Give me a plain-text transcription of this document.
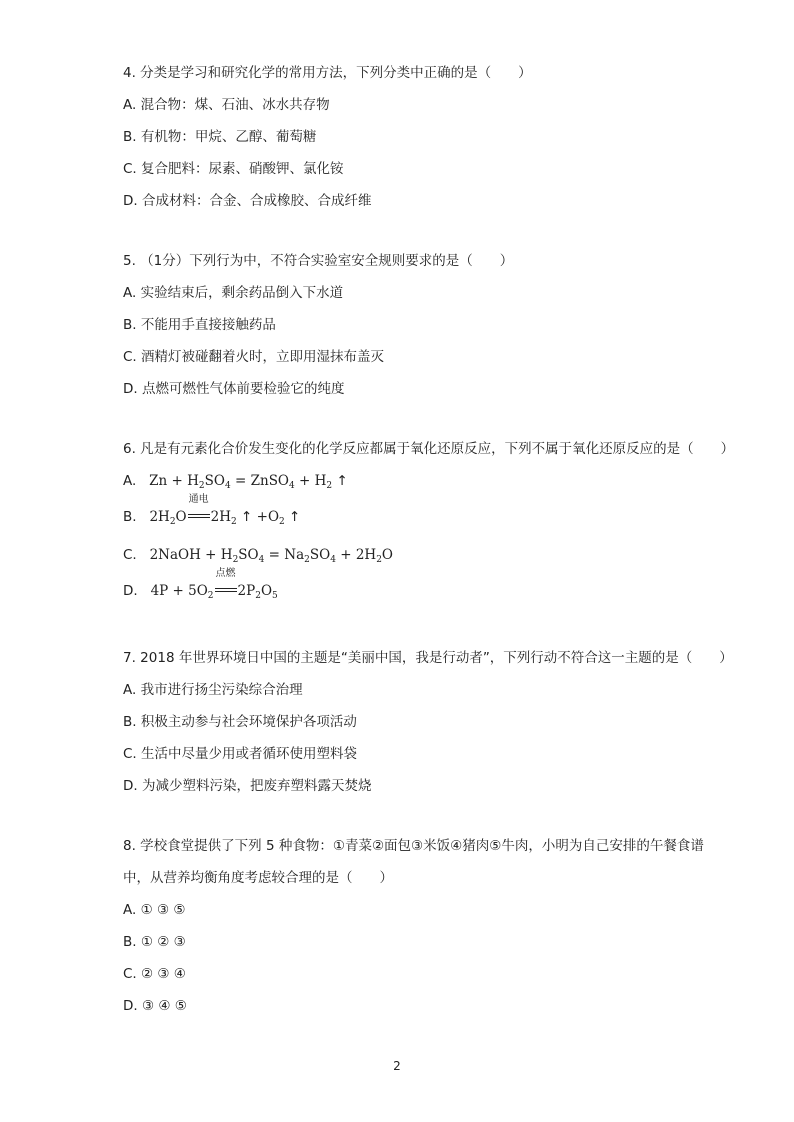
4. 分类是学习和研究化学的常用方法，下列分类中正确的是（　　）
A. 混合物：煤、石油、冰水共存物
B. 有机物：甲烷、乙醇、葡萄糖
C. 复合肥料：尿素、硝酸钾、氯化铵
D. 合成材料：合金、合成橡胶、合成纤维
5. （1分）下列行为中，不符合实验室安全规则要求的是（　　）
A. 实验结束后，剩余药品倒入下水道
B. 不能用手直接接触药品
C. 酒精灯被碰翻着火时，立即用湿抹布盖灭
D. 点燃可燃性气体前要检验它的纯度
6. 凡是有元素化合价发生变化的化学反应都属于氧化还原反应，下列不属于氧化还原反应的是（　　）
A.   $Zn + H_2SO_4$ = ZnSO$_4$ + $H_2$ ↑
B.   $2H_2O$
通电
$2H_2$ ↑ $+O_2$ ↑
C.   2NaOH + $H_2SO_4 = Na_2SO_4 + 2H_2O$
D.   $4P + 5O_2$
点燃
$2P_2O_5$
7. 2018 年世界环境日中国的主题是“美丽中国，我是行动者”，下列行动不符合这一主题的是（　　）
A. 我市进行扬尘污染综合治理
B. 积极主动参与社会环境保护各项活动
C. 生活中尽量少用或者循环使用塑料袋
D. 为减少塑料污染，把废弃塑料露天焚烧
8. 学校食堂提供了下列 5 种食物：①青菜②面包③米饭④猪肉⑤牛肉，小明为自己安排的午餐食谱
中，从营养均衡角度考虑较合理的是（　　）
A. ① ③ ⑤
B. ① ② ③
C. ② ③ ④
D. ③ ④ ⑤
2
